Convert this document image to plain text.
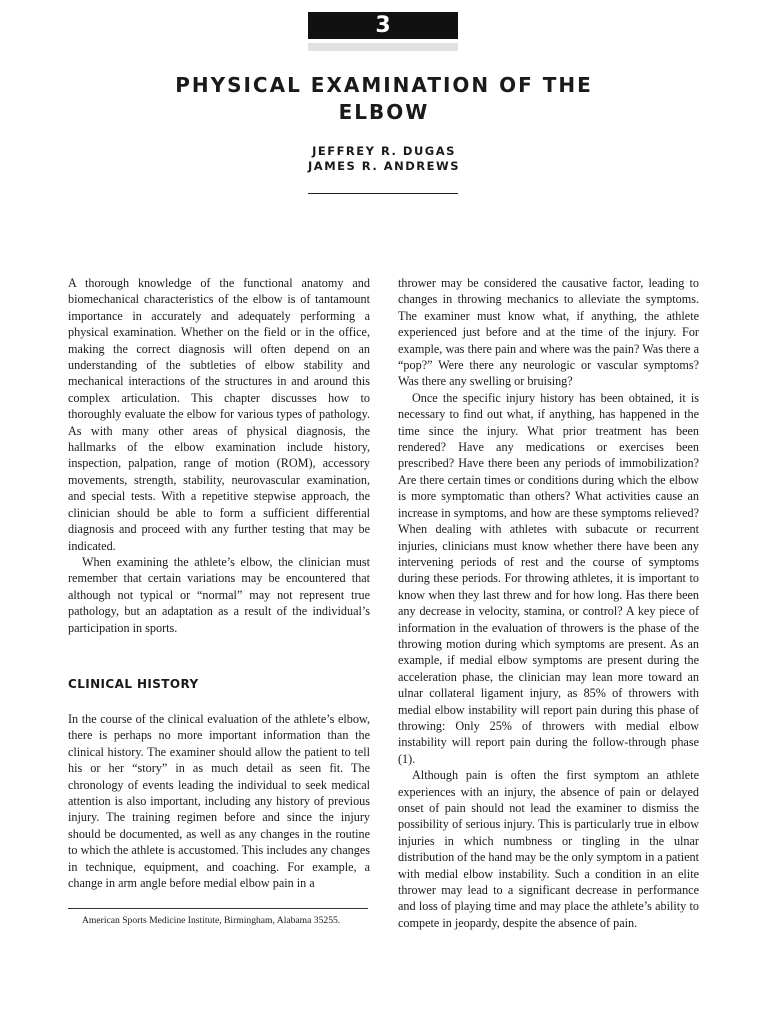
3
PHYSICAL EXAMINATION OF THE
ELBOW
JEFFREY R. DUGAS
JAMES R. ANDREWS

A thorough knowledge of the functional anatomy and biomechanical characteristics of the elbow is of tantamount importance in accurately and adequately performing a physical examination. Whether on the field or in the office, making the correct diagnosis will often depend on an understanding of the subtleties of elbow stability and mechanical interactions of the structures in and around this complex articulation. This chapter discusses how to thoroughly evaluate the elbow for various types of pathology. As with many other areas of physical diagnosis, the hallmarks of the elbow examination include history, inspection, palpation, range of motion (ROM), accessory movements, strength, stability, neurovascular examination, and special tests. With a repetitive stepwise approach, the clinician should be able to form a sufficient differential diagnosis and proceed with any further testing that may be indicated.

When examining the athlete’s elbow, the clinician must remember that certain variations may be encountered that although not typical or “normal” may not represent true pathology, but an adaptation as a result of the individual’s participation in sports.

CLINICAL HISTORY

In the course of the clinical evaluation of the athlete’s elbow, there is perhaps no more important information than the clinical history. The examiner should allow the patient to tell his or her “story” in as much detail as seen fit. The chronology of events leading the individual to seek medical attention is also important, including any history of previous injury. The training regimen before and since the injury should be documented, as well as any changes in the routine to which the athlete is accustomed. This includes any changes in technique, equipment, and coaching. For example, a change in arm angle before medial elbow pain in a

thrower may be considered the causative factor, leading to changes in throwing mechanics to alleviate the symptoms. The examiner must know what, if anything, the athlete experienced just before and at the time of the injury. For example, was there pain and where was the pain? Was there a “pop?” Were there any neurologic or vascular symptoms? Was there any swelling or bruising?

Once the specific injury history has been obtained, it is necessary to find out what, if anything, has happened in the time since the injury. What prior treatment has been rendered? Have any medications or exercises been prescribed? Have there been any periods of immobilization? Are there certain times or conditions during which the elbow is more symptomatic than others? What activities cause an increase in symptoms, and how are these symptoms relieved? When dealing with athletes with subacute or recurrent injuries, clinicians must know whether there have been any intervening periods of rest and the course of symptoms during these periods. For throwing athletes, it is important to know when they last threw and for how long. Has there been any decrease in velocity, stamina, or control? A key piece of information in the evaluation of throwers is the phase of the throwing motion during which symptoms are present. As an example, if medial elbow symptoms are present during the acceleration phase, the clinician may lean more toward an ulnar collateral ligament injury, as 85% of throwers with medial elbow instability will report pain during this phase of throwing: Only 25% of throwers with medial elbow instability will report pain during the follow-through phase (1).

Although pain is often the first symptom an athlete experiences with an injury, the absence of pain or delayed onset of pain should not lead the examiner to dismiss the possibility of serious injury. This is particularly true in elbow injuries in which numbness or tingling in the ulnar distribution of the hand may be the only symptom in a patient with medial elbow instability. Such a condition in an elite thrower may lead to a significant decrease in performance and loss of playing time and may place the athlete’s ability to compete in jeopardy, despite the absence of pain.

American Sports Medicine Institute, Birmingham, Alabama 35255.
